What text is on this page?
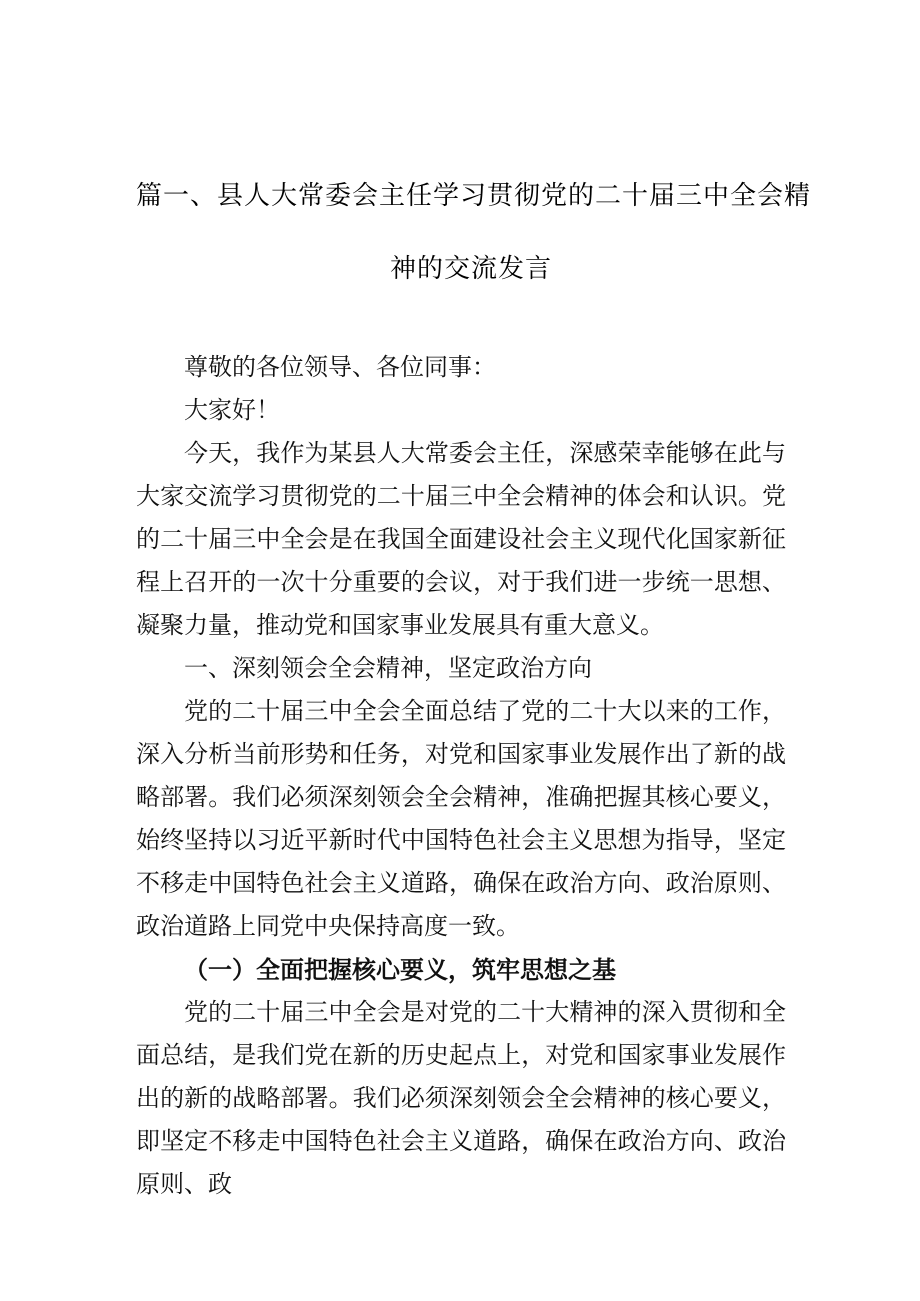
篇一、县人大常委会主任学习贯彻党的二十届三中全会精
神的交流发言

尊敬的各位领导、各位同事：

大家好！

今天，我作为某县人大常委会主任，深感荣幸能够在此与大家交流学习贯彻党的二十届三中全会精神的体会和认识。党的二十届三中全会是在我国全面建设社会主义现代化国家新征程上召开的一次十分重要的会议，对于我们进一步统一思想、凝聚力量，推动党和国家事业发展具有重大意义。

一、深刻领会全会精神，坚定政治方向

党的二十届三中全会全面总结了党的二十大以来的工作，深入分析当前形势和任务，对党和国家事业发展作出了新的战略部署。我们必须深刻领会全会精神，准确把握其核心要义，始终坚持以习近平新时代中国特色社会主义思想为指导，坚定不移走中国特色社会主义道路，确保在政治方向、政治原则、政治道路上同党中央保持高度一致。

（一）全面把握核心要义，筑牢思想之基

党的二十届三中全会是对党的二十大精神的深入贯彻和全面总结，是我们党在新的历史起点上，对党和国家事业发展作出的新的战略部署。我们必须深刻领会全会精神的核心要义，即坚定不移走中国特色社会主义道路，确保在政治方向、政治原则、政
